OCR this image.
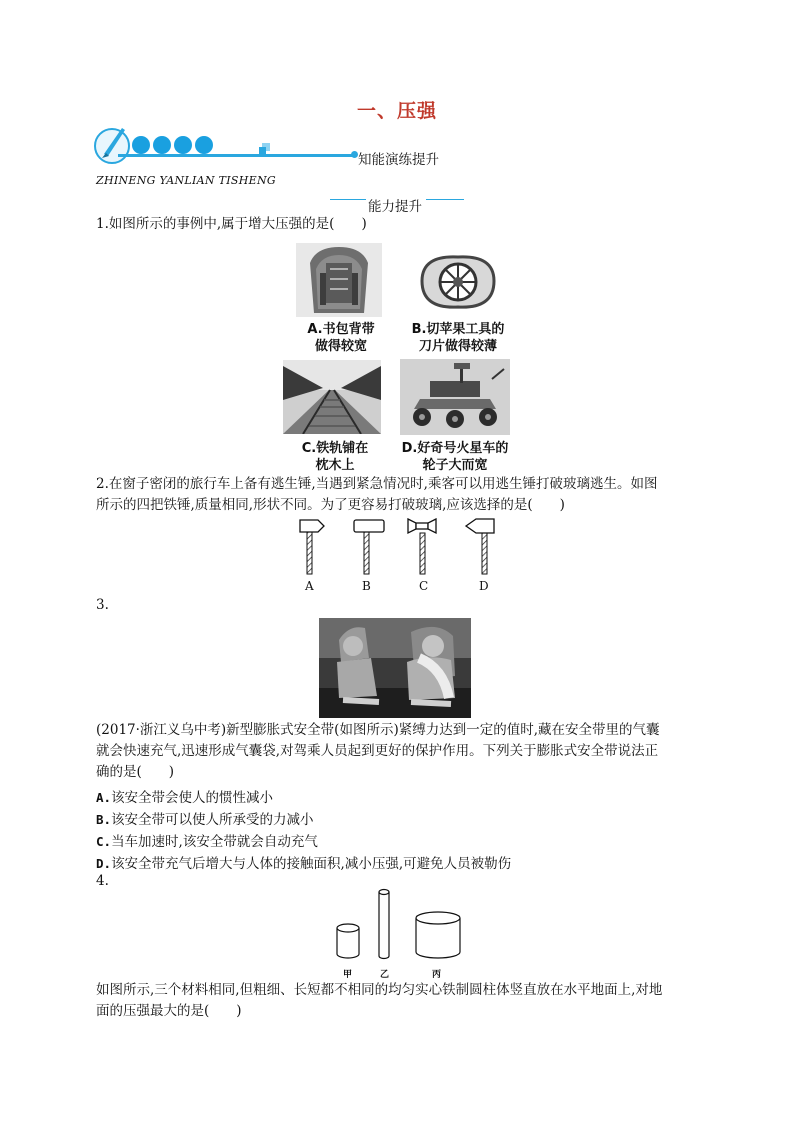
一、压强
知能演练提升
ZHINENG YANLIAN TISHENG
能力提升
1.如图所示的事例中,属于增大压强的是(　　)
A.书包背带
做得较宽
B.切苹果工具的
刀片做得较薄
C.铁轨铺在
枕木上
D.好奇号火星车的
轮子大而宽
2.在窗子密闭的旅行车上备有逃生锤,当遇到紧急情况时,乘客可以用逃生锤打破玻璃逃生。如图
所示的四把铁锤,质量相同,形状不同。为了更容易打破玻璃,应该选择的是(　　)
A	B	C	D
3.
(2017·浙江义乌中考)新型膨胀式安全带(如图所示)紧缚力达到一定的值时,藏在安全带里的气囊
就会快速充气,迅速形成气囊袋,对驾乘人员起到更好的保护作用。下列关于膨胀式安全带说法正
确的是(　　)
A.该安全带会使人的惯性减小
B.该安全带可以使人所承受的力减小
C.当车加速时,该安全带就会自动充气
D.该安全带充气后增大与人体的接触面积,减小压强,可避免人员被勒伤
4.
甲	乙	丙
如图所示,三个材料相同,但粗细、长短都不相同的均匀实心铁制圆柱体竖直放在水平地面上,对地
面的压强最大的是(　　)
